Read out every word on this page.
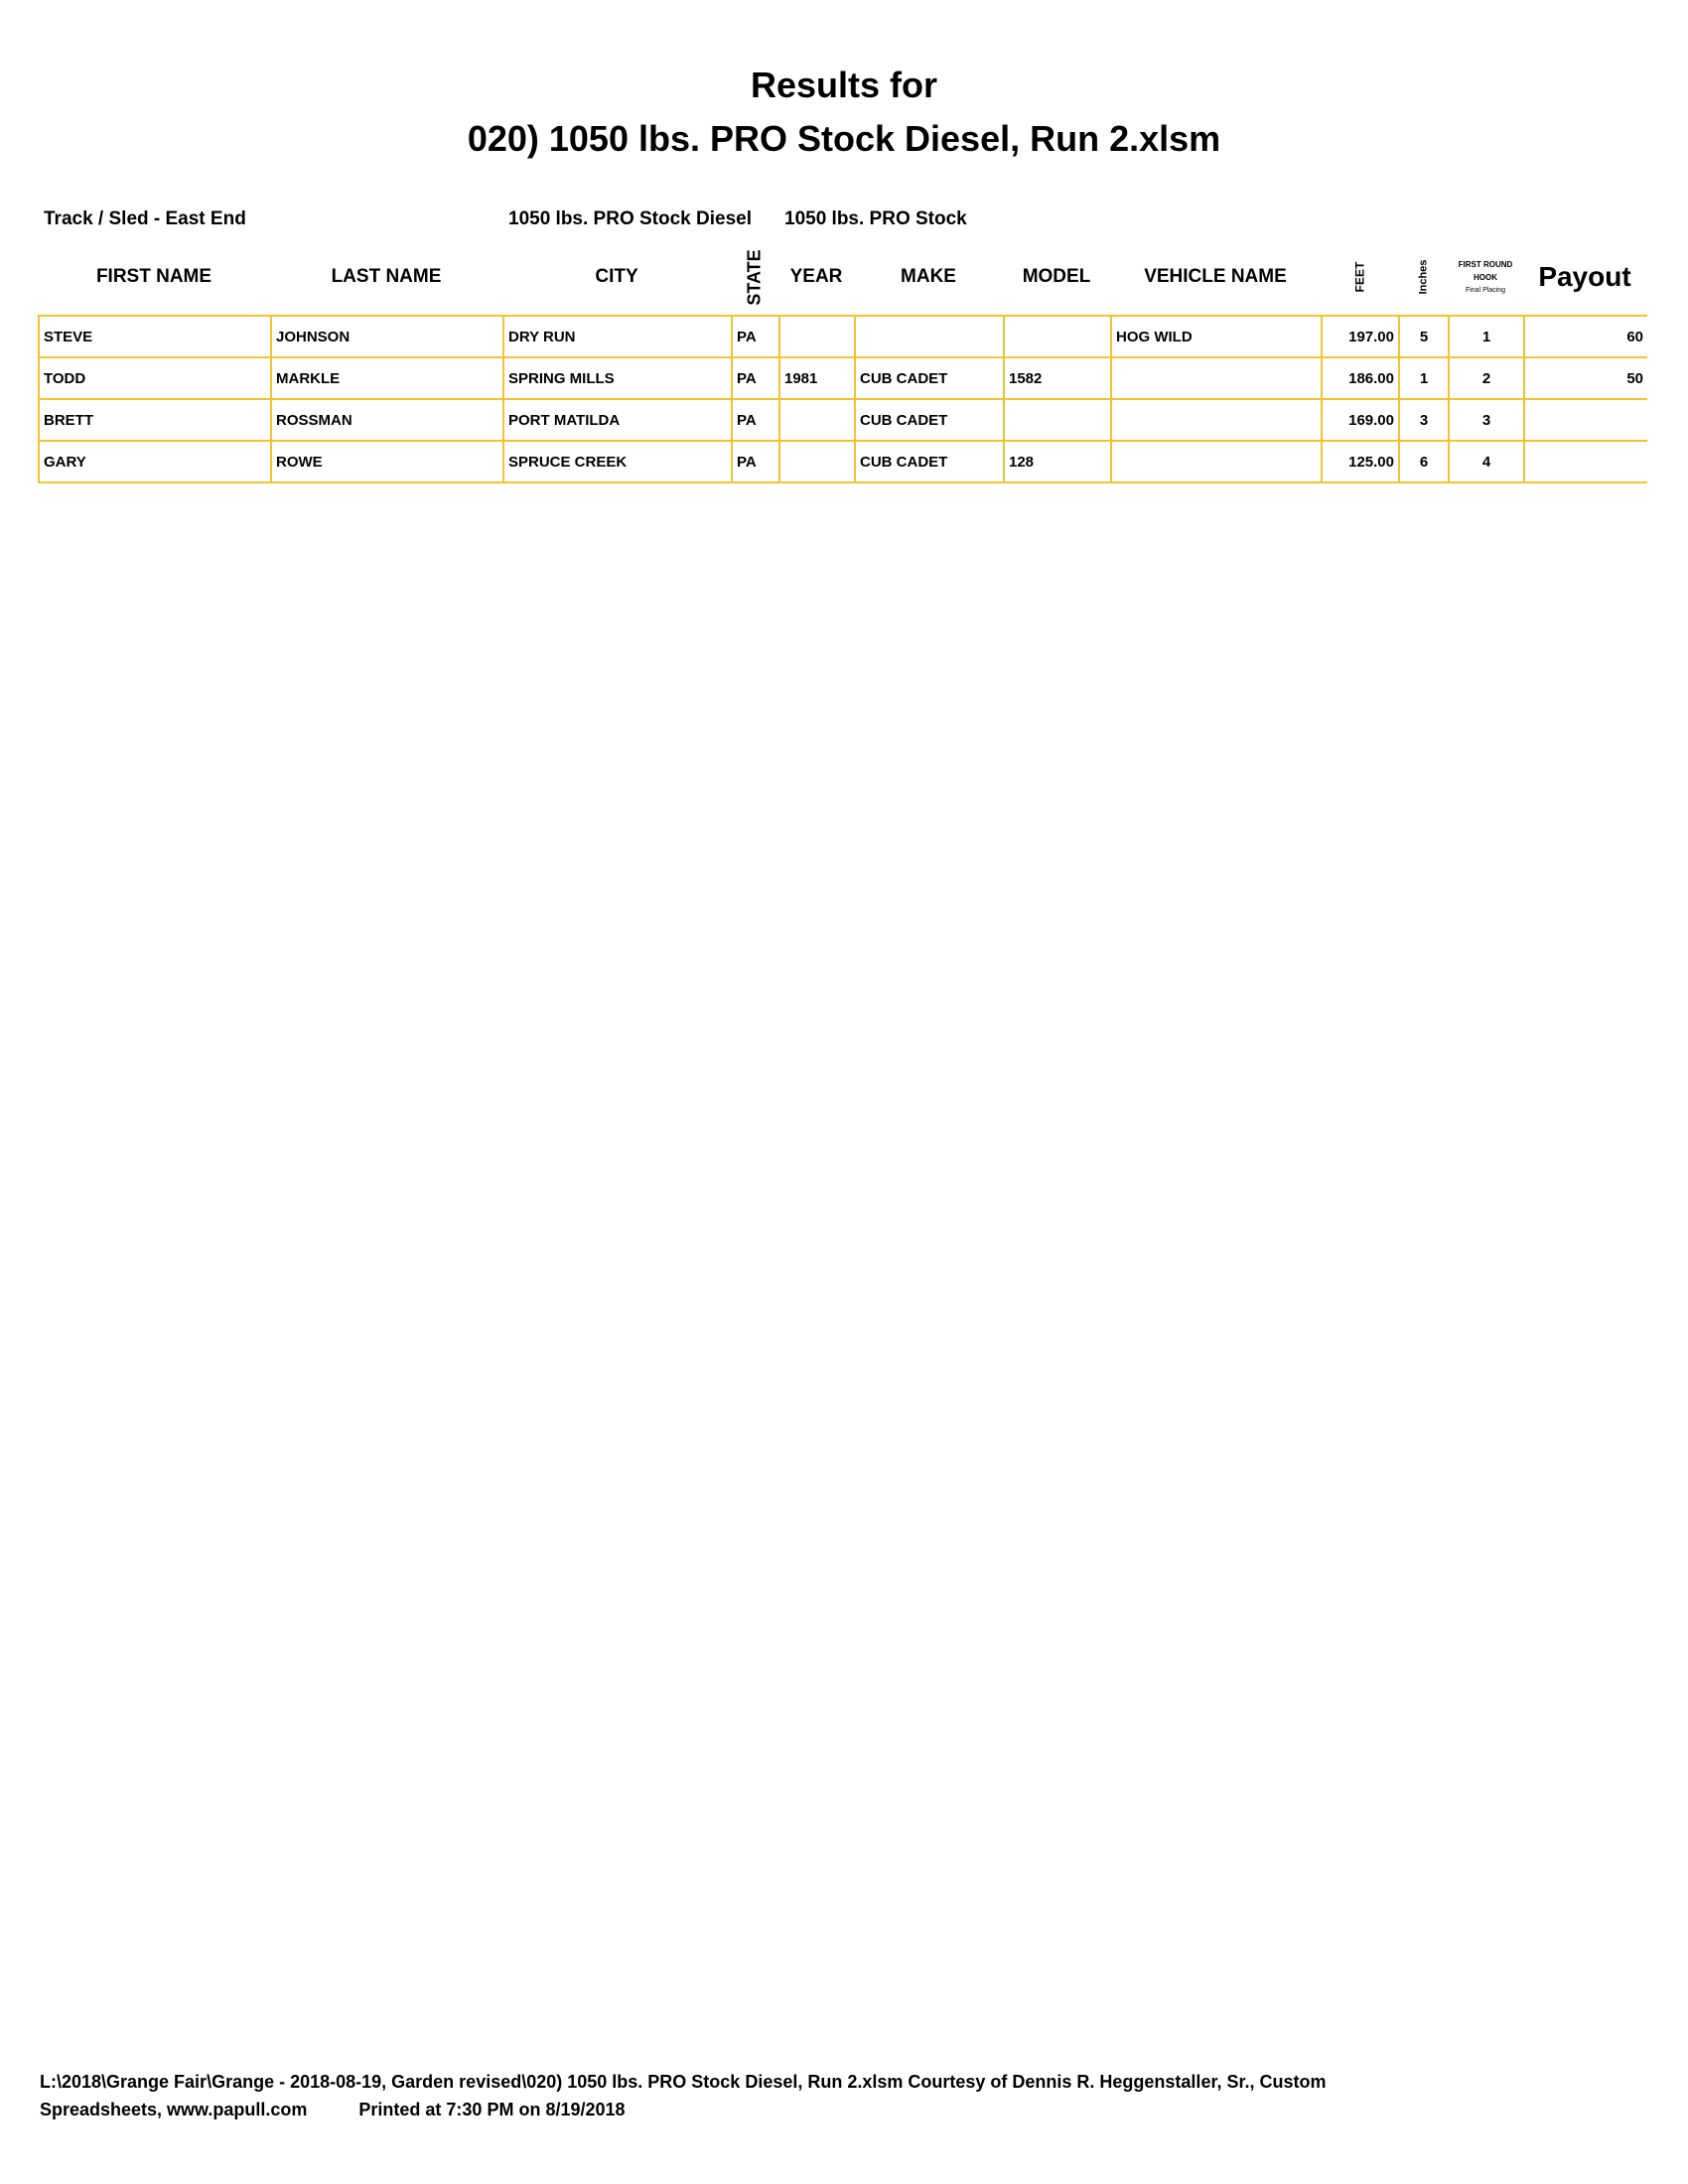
Results for
020) 1050 lbs. PRO Stock Diesel, Run 2.xlsm
Track / Sled - East End	1050 lbs. PRO Stock Diesel	1050 lbs. PRO Stock
FIRST NAME	LAST NAME	CITY	STATE	YEAR	MAKE	MODEL	VEHICLE NAME	FEET	Inches	FIRST ROUND
HOOK
Final Placing	Payout
STEVE	JOHNSON	DRY RUN	PA				HOG WILD	197.00	5	1	60
TODD	MARKLE	SPRING MILLS	PA	1981	CUB CADET	1582		186.00	1	2	50
BRETT	ROSSMAN	PORT MATILDA	PA		CUB CADET			169.00	3	3	
GARY	ROWE	SPRUCE CREEK	PA		CUB CADET	128		125.00	6	4	
L:\2018\Grange Fair\Grange - 2018-08-19, Garden revised\020) 1050 lbs. PRO Stock Diesel, Run 2.xlsm Courtesy of Dennis R. Heggenstaller, Sr., Custom
Spreadsheets, www.papull.com	Printed at 7:30 PM on 8/19/2018
